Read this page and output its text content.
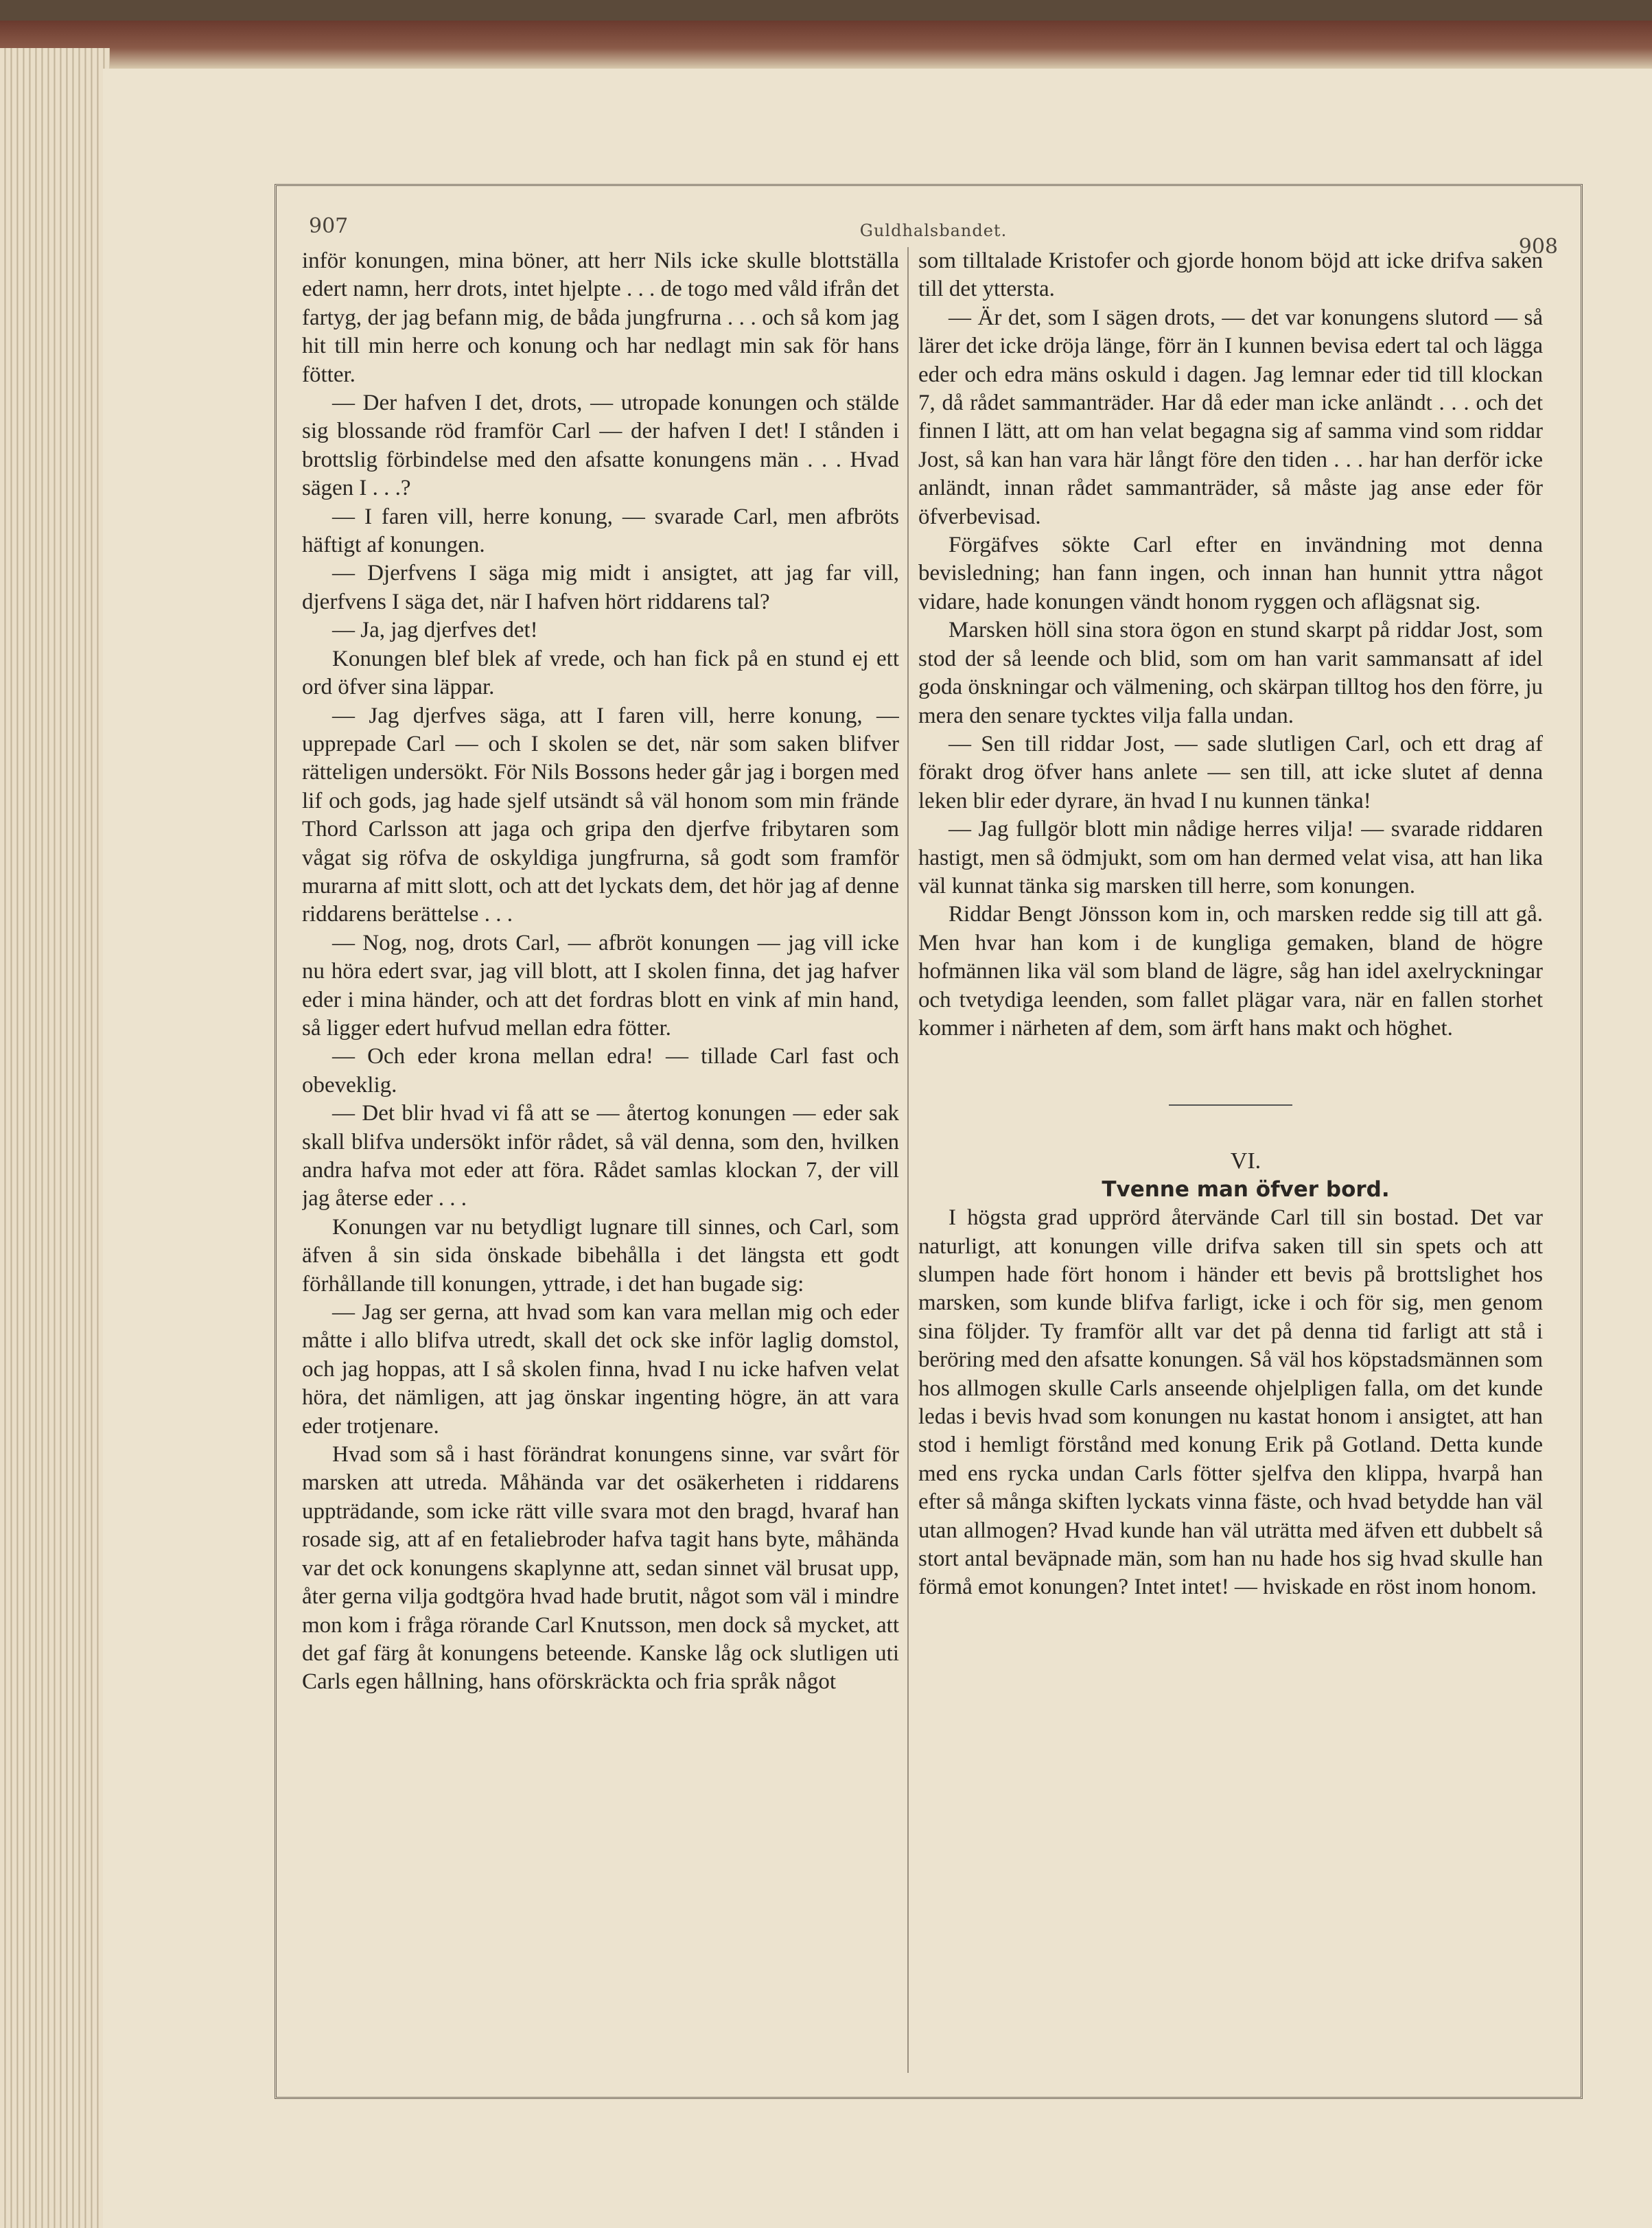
907	Guldhalsbandet.
908

inför konungen, mina böner, att herr Nils icke skulle blottställa edert namn, herr drots, intet hjelpte . . . de togo med våld ifrån det fartyg, der jag befann mig, de båda jungfrurna . . . och så kom jag hit till min herre och konung och har nedlagt min sak för hans fötter.

— Der hafven I det, drots, — utropade konungen och stälde sig blossande röd framför Carl — der hafven I det! I stånden i brottslig förbindelse med den afsatte konungens män . . . Hvad sägen I . . .?

— I faren vill, herre konung, — svarade Carl, men afbröts häftigt af konungen.

— Djerfvens I säga mig midt i ansigtet, att jag far vill, djerfvens I säga det, när I hafven hört riddarens tal?

— Ja, jag djerfves det!

Konungen blef blek af vrede, och han fick på en stund ej ett ord öfver sina läppar.

— Jag djerfves säga, att I faren vill, herre konung, — upprepade Carl — och I skolen se det, när som saken blifver rätteligen undersökt. För Nils Bossons heder går jag i borgen med lif och gods, jag hade sjelf utsändt så väl honom som min frände Thord Carlsson att jaga och gripa den djerfve fribytaren som vågat sig röfva de oskyldiga jungfrurna, så godt som framför murarna af mitt slott, och att det lyckats dem, det hör jag af denne riddarens berättelse . . .

— Nog, nog, drots Carl, — afbröt konungen — jag vill icke nu höra edert svar, jag vill blott, att I skolen finna, det jag hafver eder i mina händer, och att det fordras blott en vink af min hand, så ligger edert hufvud mellan edra fötter.

— Och eder krona mellan edra! — tillade Carl fast och obeveklig.

— Det blir hvad vi få att se — återtog konungen — eder sak skall blifva undersökt inför rådet, så väl denna, som den, hvilken andra hafva mot eder att föra. Rådet samlas klockan 7, der vill jag återse eder . . .

Konungen var nu betydligt lugnare till sinnes, och Carl, som äfven å sin sida önskade bibehålla i det längsta ett godt förhållande till konungen, yttrade, i det han bugade sig:

— Jag ser gerna, att hvad som kan vara mellan mig och eder måtte i allo blifva utredt, skall det ock ske inför laglig domstol, och jag hoppas, att I så skolen finna, hvad I nu icke hafven velat höra, det nämligen, att jag önskar ingenting högre, än att vara eder trotjenare.

Hvad som så i hast förändrat konungens sinne, var svårt för marsken att utreda. Måhända var det osäkerheten i riddarens uppträdande, som icke rätt ville svara mot den bragd, hvaraf han rosade sig, att af en fetaliebroder hafva tagit hans byte, måhända var det ock konungens skaplynne att, sedan sinnet väl brusat upp, åter gerna vilja godtgöra hvad hade brutit, något som väl i mindre mon kom i fråga rörande Carl Knutsson, men dock så mycket, att det gaf färg åt konungens beteende. Kanske låg ock slutligen uti Carls egen hållning, hans oförskräckta och fria språk något

som tilltalade Kristofer och gjorde honom böjd att icke drifva saken till det yttersta.

— Är det, som I sägen drots, — det var konungens slutord — så lärer det icke dröja länge, förr än I kunnen bevisa edert tal och lägga eder och edra mäns oskuld i dagen. Jag lemnar eder tid till klockan 7, då rådet sammanträder. Har då eder man icke anländt . . . och det finnen I lätt, att om han velat begagna sig af samma vind som riddar Jost, så kan han vara här långt före den tiden . . . har han derför icke anländt, innan rådet sammanträder, så måste jag anse eder för öfverbevisad.

Förgäfves sökte Carl efter en invändning mot denna bevisledning; han fann ingen, och innan han hunnit yttra något vidare, hade konungen vändt honom ryggen och aflägsnat sig.

Marsken höll sina stora ögon en stund skarpt på riddar Jost, som stod der så leende och blid, som om han varit sammansatt af idel goda önskningar och välmening, och skärpan tilltog hos den förre, ju mera den senare tycktes vilja falla undan.

— Sen till riddar Jost, — sade slutligen Carl, och ett drag af förakt drog öfver hans anlete — sen till, att icke slutet af denna leken blir eder dyrare, än hvad I nu kunnen tänka!

— Jag fullgör blott min nådige herres vilja! — svarade riddaren hastigt, men så ödmjukt, som om han dermed velat visa, att han lika väl kunnat tänka sig marsken till herre, som konungen.

Riddar Bengt Jönsson kom in, och marsken redde sig till att gå. Men hvar han kom i de kungliga gemaken, bland de högre hofmännen lika väl som bland de lägre, såg han idel axelryckningar och tvetydiga leenden, som fallet plägar vara, när en fallen storhet kommer i närheten af dem, som ärft hans makt och höghet.

VI.

Tvenne man öfver bord.

I högsta grad upprörd återvände Carl till sin bostad. Det var naturligt, att konungen ville drifva saken till sin spets och att slumpen hade fört honom i händer ett bevis på brottslighet hos marsken, som kunde blifva farligt, icke i och för sig, men genom sina följder. Ty framför allt var det på denna tid farligt att stå i beröring med den afsatte konungen. Så väl hos köpstadsmännen som hos allmogen skulle Carls anseende ohjelpligen falla, om det kunde ledas i bevis hvad som konungen nu kastat honom i ansigtet, att han stod i hemligt förstånd med konung Erik på Gotland. Detta kunde med ens rycka undan Carls fötter sjelfva den klippa, hvarpå han efter så många skiften lyckats vinna fäste, och hvad betydde han väl utan allmogen? Hvad kunde han väl uträtta med äfven ett dubbelt så stort antal beväpnade män, som han nu hade hos sig hvad skulle han förmå emot konungen? Intet intet! — hviskade en röst inom honom.
